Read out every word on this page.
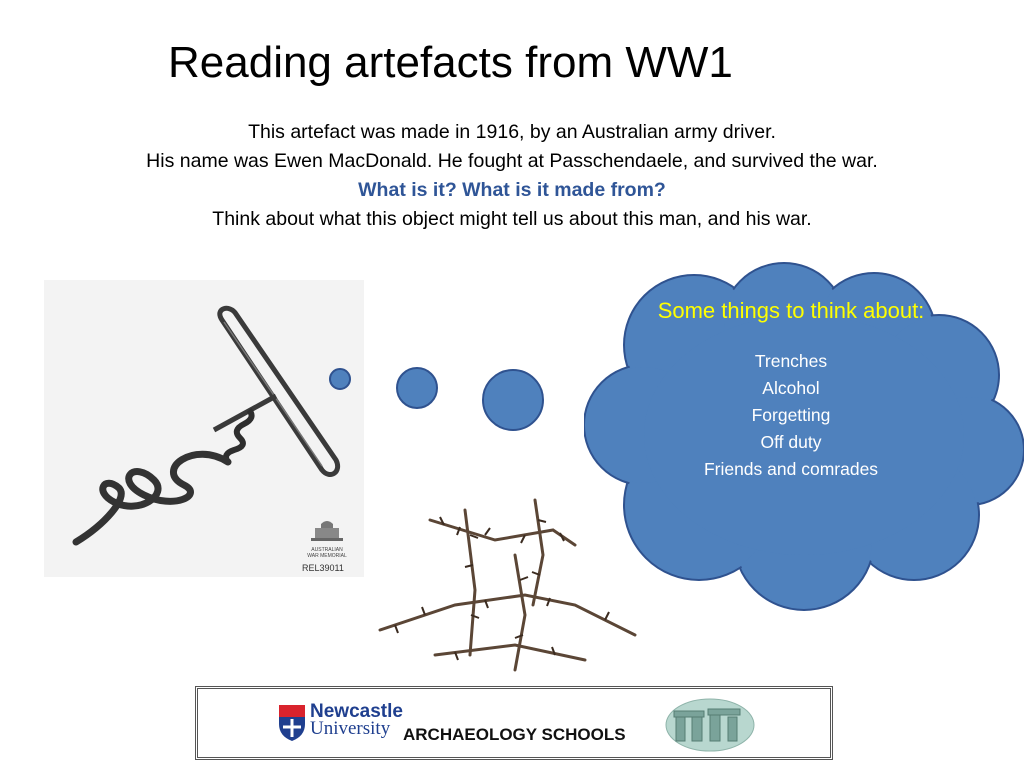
Reading artefacts from WW1
This artefact was made in 1916, by an Australian army driver.
His name was Ewen MacDonald. He fought at Passchendaele, and survived the war.
What is it? What is it made from?
Think about what this object might tell us about this man, and his war.
AUSTRALIAN
WAR MEMORIAL
REL39011
Some things to think about:
Trenches
Alcohol
Forgetting
Off duty
Friends and comrades
Newcastle
University ARCHAEOLOGY SCHOOLS
